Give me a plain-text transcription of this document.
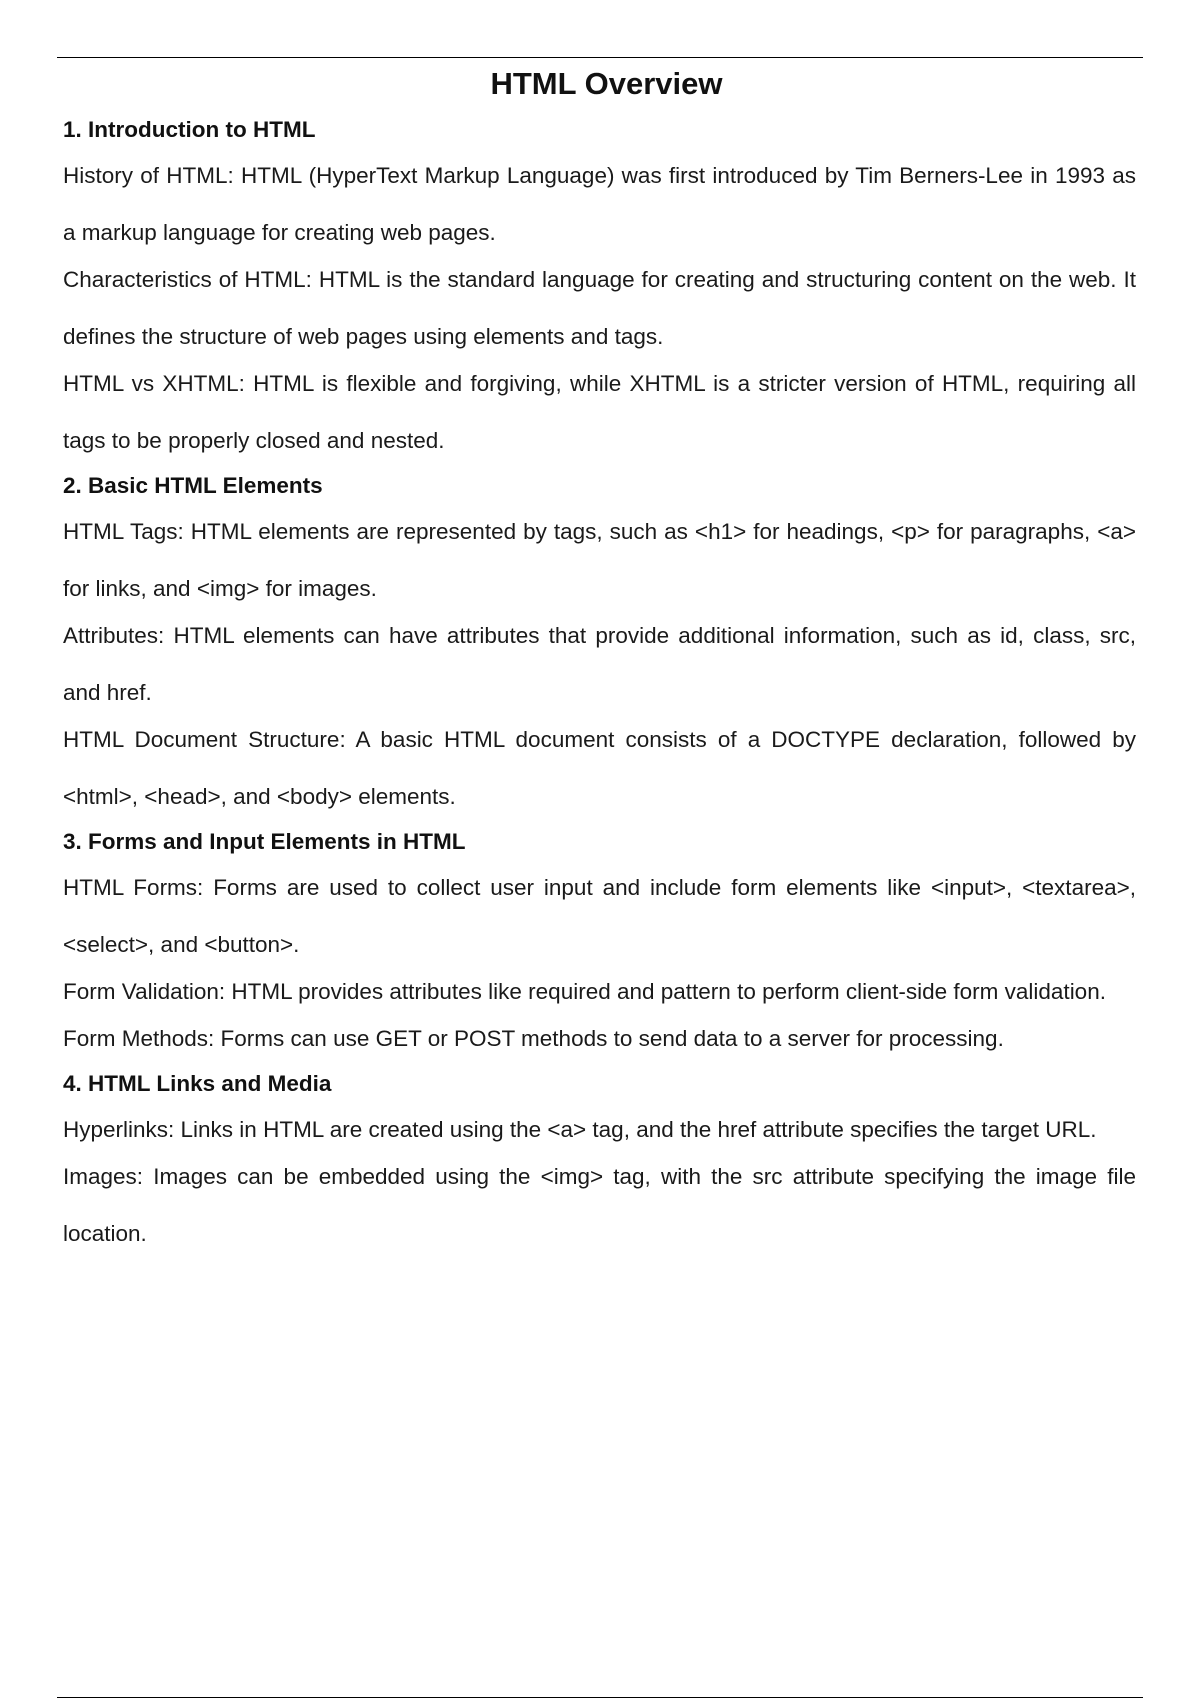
HTML Overview
1. Introduction to HTML

History of HTML: HTML (HyperText Markup Language) was first introduced by Tim Berners-Lee in 1993 as a markup language for creating web pages.

Characteristics of HTML: HTML is the standard language for creating and structuring content on the web. It defines the structure of web pages using elements and tags.

HTML vs XHTML: HTML is flexible and forgiving, while XHTML is a stricter version of HTML, requiring all tags to be properly closed and nested.

2. Basic HTML Elements

HTML Tags: HTML elements are represented by tags, such as <h1> for headings, <p> for paragraphs, <a> for links, and <img> for images.

Attributes: HTML elements can have attributes that provide additional information, such as id, class, src, and href.

HTML Document Structure: A basic HTML document consists of a DOCTYPE declaration, followed by <html>, <head>, and <body> elements.

3. Forms and Input Elements in HTML

HTML Forms: Forms are used to collect user input and include form elements like <input>, <textarea>, <select>, and <button>.

Form Validation: HTML provides attributes like required and pattern to perform client-side form validation.

Form Methods: Forms can use GET or POST methods to send data to a server for processing.

4. HTML Links and Media

Hyperlinks: Links in HTML are created using the <a> tag, and the href attribute specifies the target URL.

Images: Images can be embedded using the <img> tag, with the src attribute specifying the image file location.
